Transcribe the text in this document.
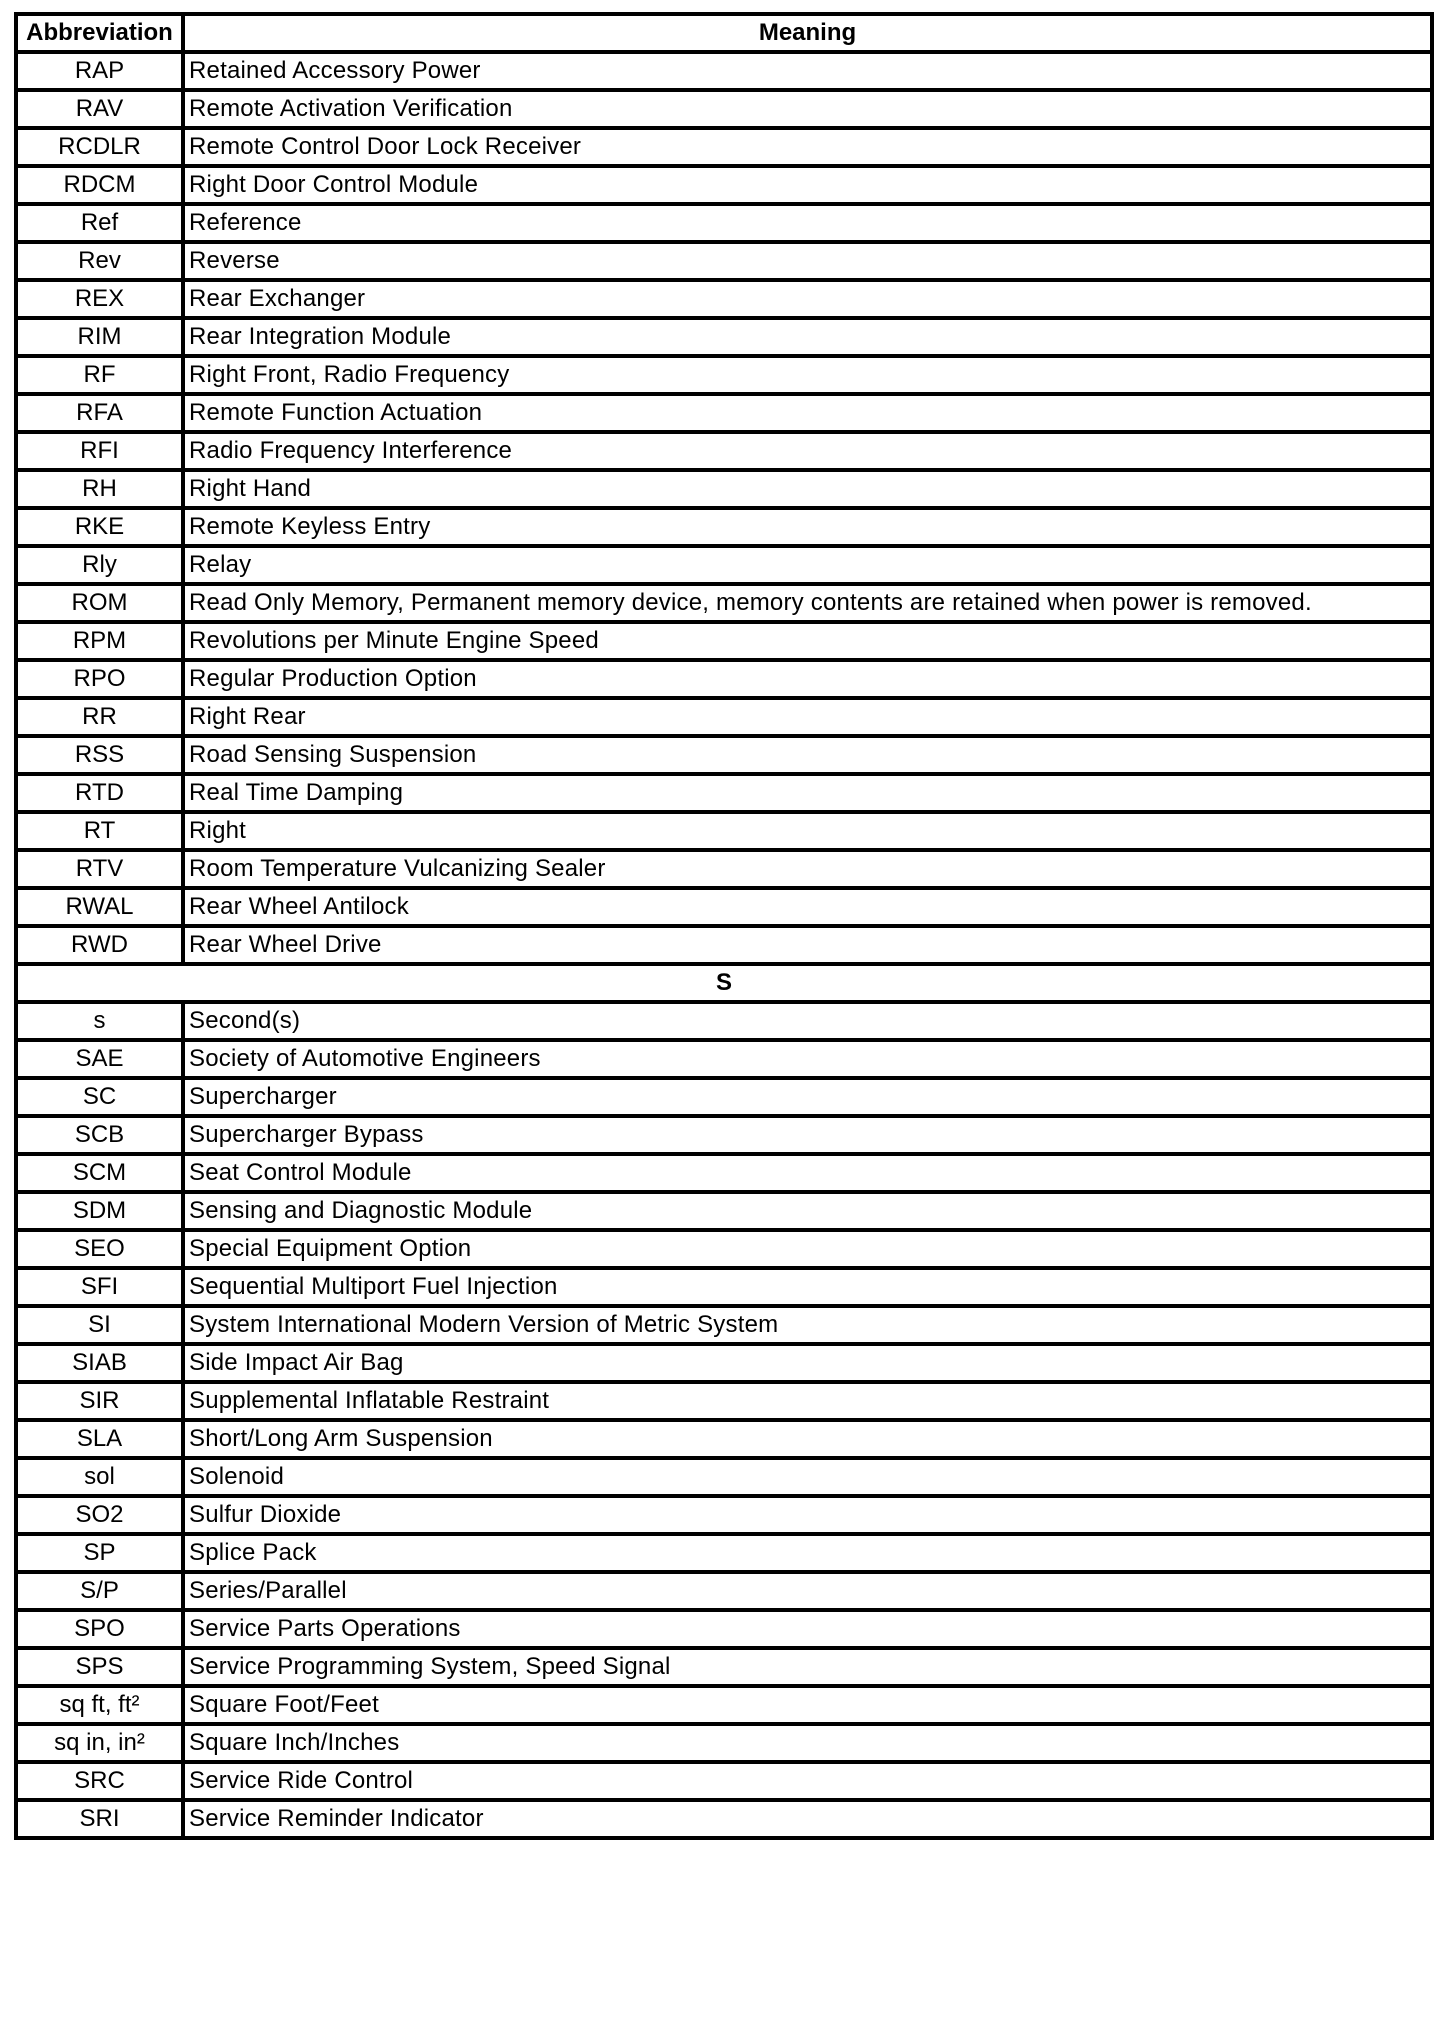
Abbreviation	Meaning
RAP	Retained Accessory Power
RAV	Remote Activation Verification
RCDLR	Remote Control Door Lock Receiver
RDCM	Right Door Control Module
Ref	Reference
Rev	Reverse
REX	Rear Exchanger
RIM	Rear Integration Module
RF	Right Front, Radio Frequency
RFA	Remote Function Actuation
RFI	Radio Frequency Interference
RH	Right Hand
RKE	Remote Keyless Entry
Rly	Relay
ROM	Read Only Memory, Permanent memory device, memory contents are retained when power is removed.
RPM	Revolutions per Minute Engine Speed
RPO	Regular Production Option
RR	Right Rear
RSS	Road Sensing Suspension
RTD	Real Time Damping
RT	Right
RTV	Room Temperature Vulcanizing Sealer
RWAL	Rear Wheel Antilock
RWD	Rear Wheel Drive
S	
s	Second(s)
SAE	Society of Automotive Engineers
SC	Supercharger
SCB	Supercharger Bypass
SCM	Seat Control Module
SDM	Sensing and Diagnostic Module
SEO	Special Equipment Option
SFI	Sequential Multiport Fuel Injection
SI	System International Modern Version of Metric System
SIAB	Side Impact Air Bag
SIR	Supplemental Inflatable Restraint
SLA	Short/Long Arm Suspension
sol	Solenoid
SO2	Sulfur Dioxide
SP	Splice Pack
S/P	Series/Parallel
SPO	Service Parts Operations
SPS	Service Programming System, Speed Signal
sq ft, ft²	Square Foot/Feet
sq in, in²	Square Inch/Inches
SRC	Service Ride Control
SRI	Service Reminder Indicator
